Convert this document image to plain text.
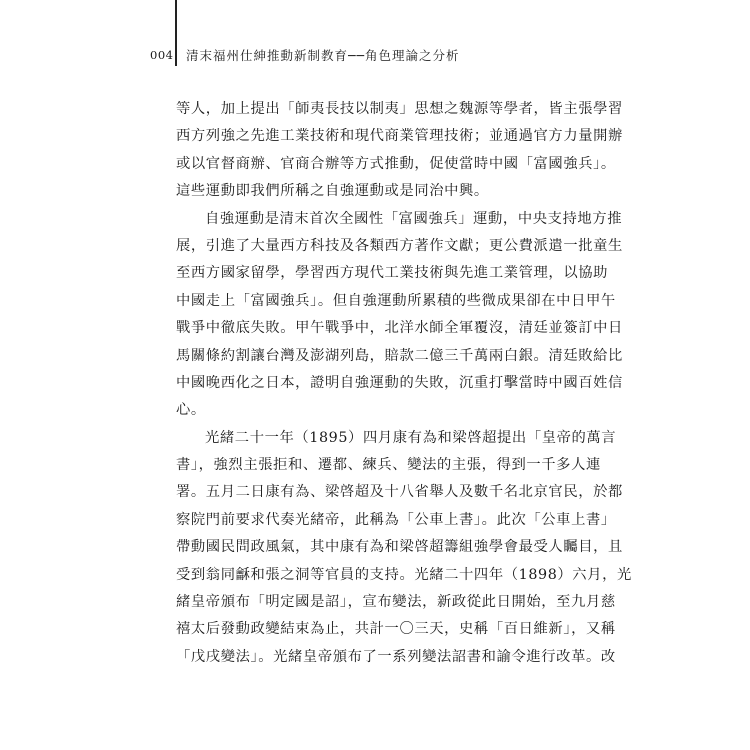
004 清末福州仕紳推動新制教育──角色理論之分析
等人，加上提出「師夷長技以制夷」思想之魏源等學者，皆主張學習
西方列強之先進工業技術和現代商業管理技術；並通過官方力量開辦
或以官督商辦、官商合辦等方式推動，促使當時中國「富國強兵」。
這些運動即我們所稱之自強運動或是同治中興。
自強運動是清末首次全國性「富國強兵」運動，中央支持地方推
展，引進了大量西方科技及各類西方著作文獻；更公費派遣一批童生
至西方國家留學，學習西方現代工業技術與先進工業管理，以協助
中國走上「富國強兵」。但自強運動所累積的些微成果卻在中日甲午
戰爭中徹底失敗。甲午戰爭中，北洋水師全軍覆沒，清廷並簽訂中日
馬關條約割讓台灣及澎湖列島，賠款二億三千萬兩白銀。清廷敗給比
中國晚西化之日本，證明自強運動的失敗，沉重打擊當時中國百姓信
心。
光緒二十一年（1895）四月康有為和梁啓超提出「皇帝的萬言
書」，強烈主張拒和、遷都、練兵、變法的主張，得到一千多人連
署。五月二日康有為、梁啓超及十八省舉人及數千名北京官民，於都
察院門前要求代奏光緒帝，此稱為「公車上書」。此次「公車上書」
帶動國民問政風氣，其中康有為和梁啓超籌組強學會最受人矚目，且
受到翁同龢和張之洞等官員的支持。光緒二十四年（1898）六月，光
緒皇帝頒布「明定國是詔」，宣布變法，新政從此日開始，至九月慈
禧太后發動政變結束為止，共計一〇三天，史稱「百日維新」，又稱
「戊戌變法」。光緒皇帝頒布了一系列變法詔書和諭令進行改革。改
